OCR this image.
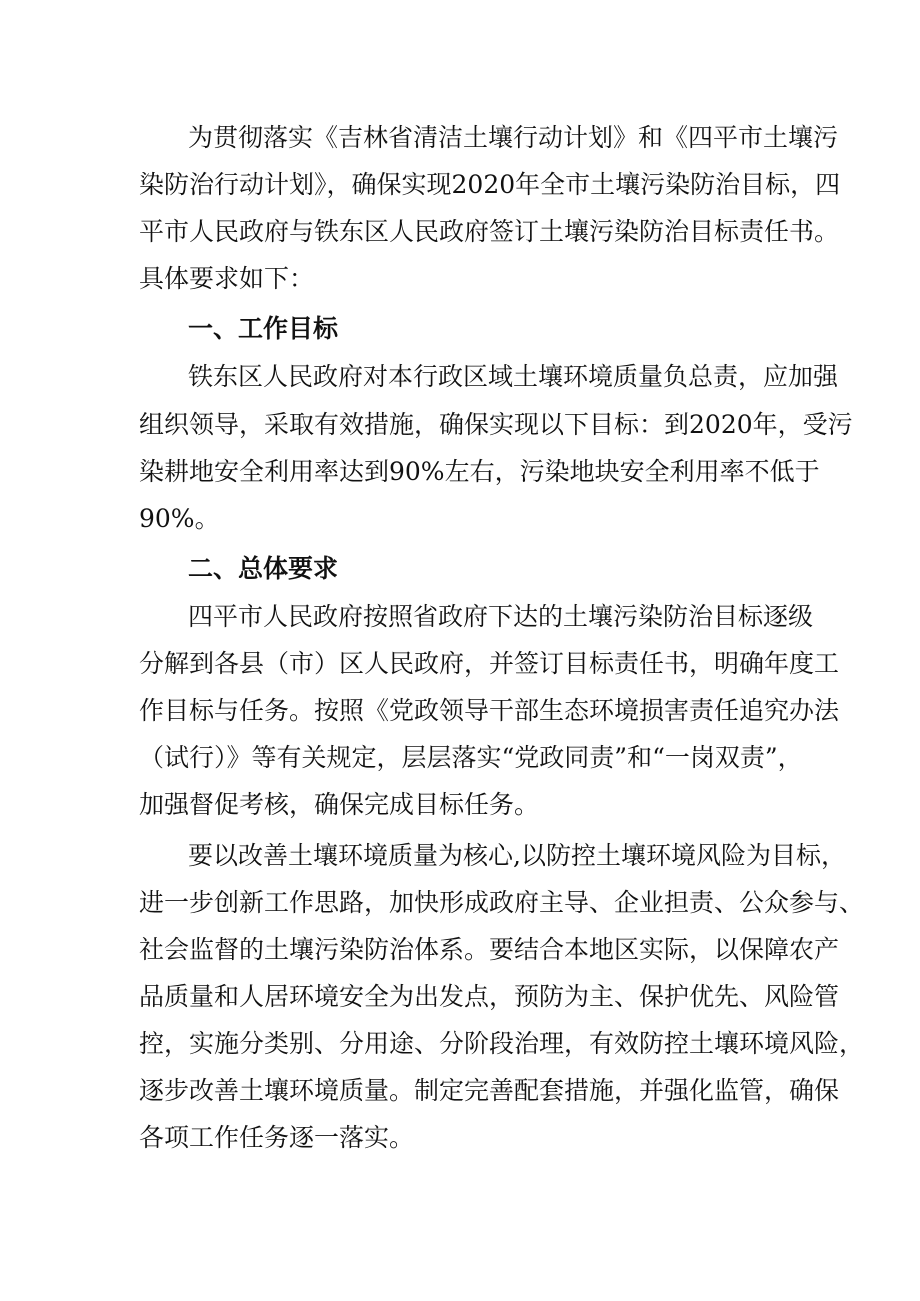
为贯彻落实《吉林省清洁土壤行动计划》和《四平市土壤污
染防治行动计划》，确保实现2020年全市土壤污染防治目标，四
平市人民政府与铁东区人民政府签订土壤污染防治目标责任书。
具体要求如下：
一、工作目标
铁东区人民政府对本行政区域土壤环境质量负总责，应加强
组织领导，采取有效措施，确保实现以下目标：到2020年，受污
染耕地安全利用率达到90%左右，污染地块安全利用率不低于
90%。
二、总体要求
四平市人民政府按照省政府下达的土壤污染防治目标逐级
分解到各县（市）区人民政府，并签订目标责任书，明确年度工
作目标与任务。按照《党政领导干部生态环境损害责任追究办法
（试行）》等有关规定，层层落实“党政同责”和“一岗双责”，
加强督促考核，确保完成目标任务。
要以改善土壤环境质量为核心,以防控土壤环境风险为目标，
进一步创新工作思路，加快形成政府主导、企业担责、公众参与、
社会监督的土壤污染防治体系。要结合本地区实际，以保障农产
品质量和人居环境安全为出发点，预防为主、保护优先、风险管
控，实施分类别、分用途、分阶段治理，有效防控土壤环境风险，
逐步改善土壤环境质量。制定完善配套措施，并强化监管，确保
各项工作任务逐一落实。
